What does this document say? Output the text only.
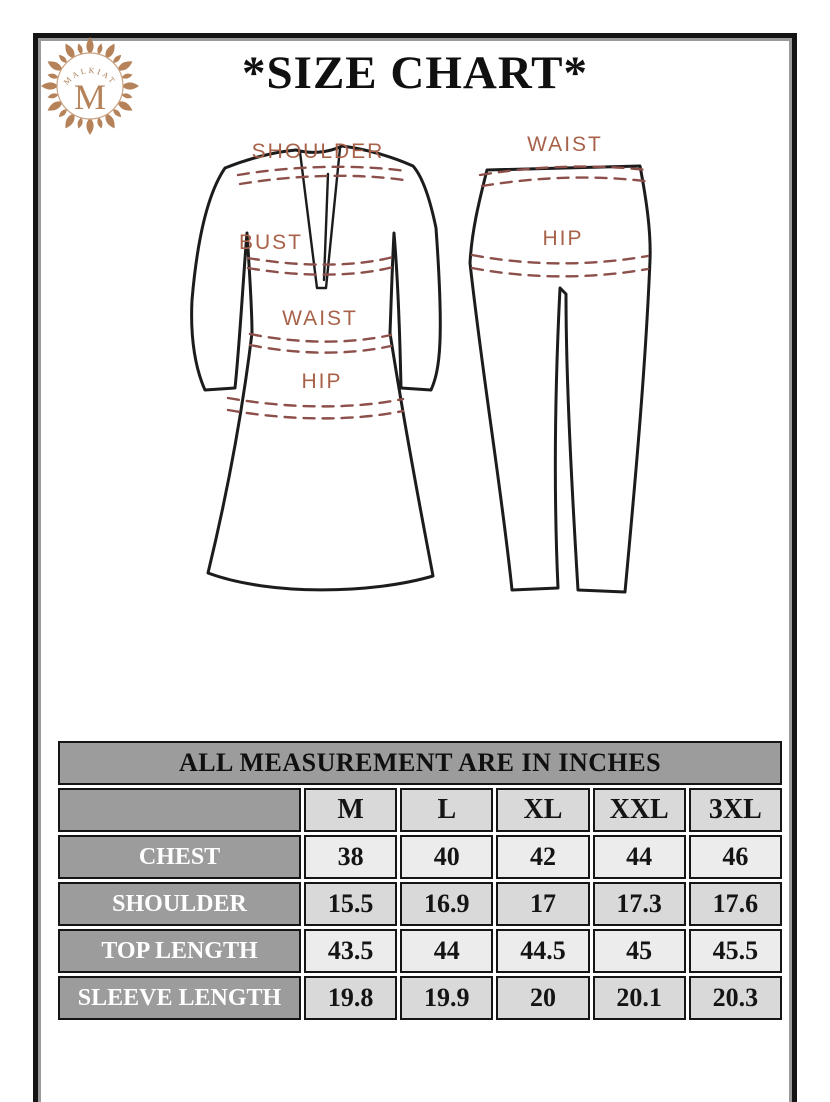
MALKIAT
M	*SIZE CHART*
SHOULDER
BUST
WAIST
HIP
WAIST
HIP
ALL MEASUREMENT ARE IN INCHES					
	M	L	XL	XXL	3XL
CHEST	38	40	42	44	46
SHOULDER	15.5	16.9	17	17.3	17.6
TOP LENGTH	43.5	44	44.5	45	45.5
SLEEVE LENGTH	19.8	19.9	20	20.1	20.3
